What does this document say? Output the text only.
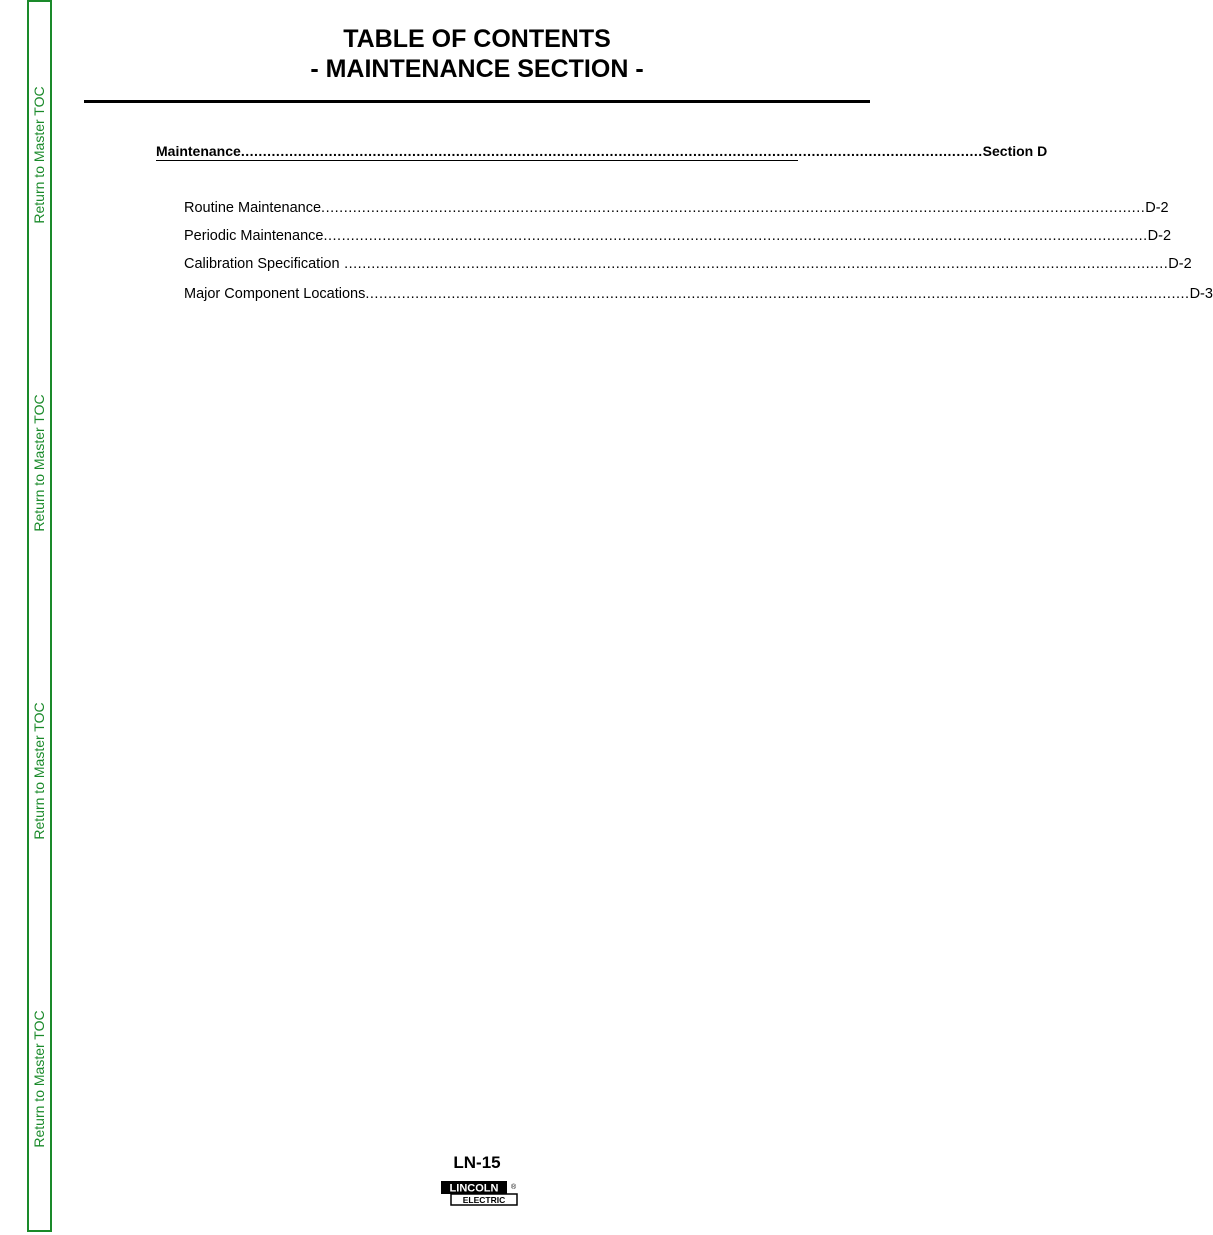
Return to Master TOC
Return to Master TOC
Return to Master TOC
Return to Master TOC
TABLE OF CONTENTS
- MAINTENANCE SECTION -
Maintenance ......................................................................................................................................................................... Section D
Routine Maintenance ...................................................................................................................................................................................... D-2
Periodic Maintenance ...................................................................................................................................................................................... D-2
Calibration Specification ...................................................................................................................................................................................... D-2
Major Component Locations ...................................................................................................................................................................................... D-3
LN-15
LINCOLN ®
ELECTRIC
